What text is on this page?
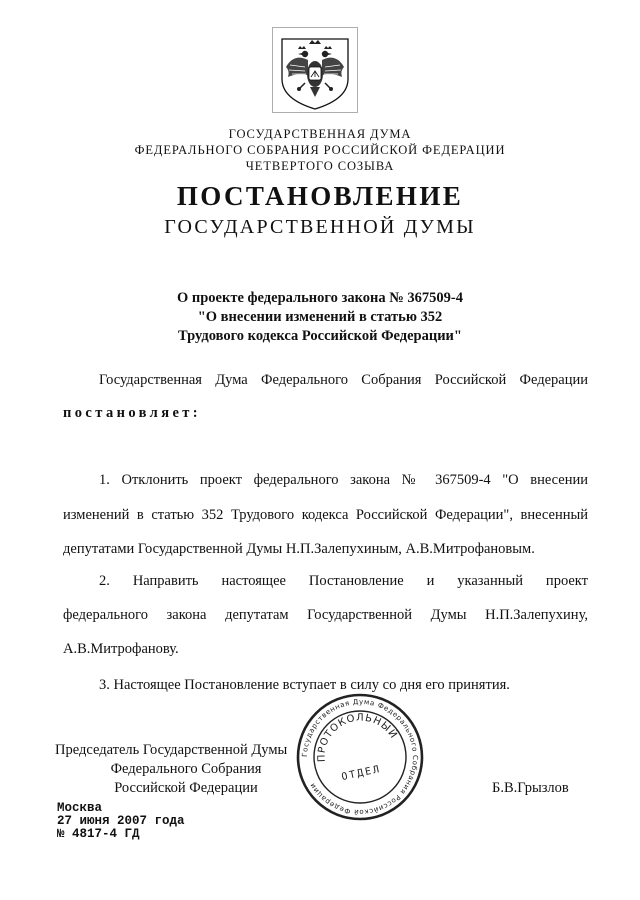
ГОСУДАРСТВЕННАЯ ДУМА
ФЕДЕРАЛЬНОГО СОБРАНИЯ РОССИЙСКОЙ ФЕДЕРАЦИИ
ЧЕТВЕРТОГО СОЗЫВА
ПОСТАНОВЛЕНИЕ
ГОСУДАРСТВЕННОЙ ДУМЫ
О проекте федерального закона № 367509-4
"О внесении изменений в статью 352
Трудового кодекса Российской Федерации"
Государственная Дума Федерального Собрания Российской Федерации
постановляет:
1. Отклонить проект федерального закона № 367509-4 "О внесении
изменений в статью 352 Трудового кодекса Российской Федерации", внесенный
депутатами Государственной Думы Н.П.Залепухиным, А.В.Митрофановым.
2. Направить настоящее Постановление и указанный проект
федерального закона депутатам Государственной Думы Н.П.Залепухину,
А.В.Митрофанову.
3. Настоящее Постановление вступает в силу со дня его принятия.
Государственная Дума Федерального Собрания Российской Федерации
ПРОТОКОЛЬНЫЙ
ОТДЕЛ
Председатель Государственной Думы
Федерального Собрания
Российской Федерации	Б.В.Грызлов
Москва
27 июня 2007 года
№ 4817-4 ГД
